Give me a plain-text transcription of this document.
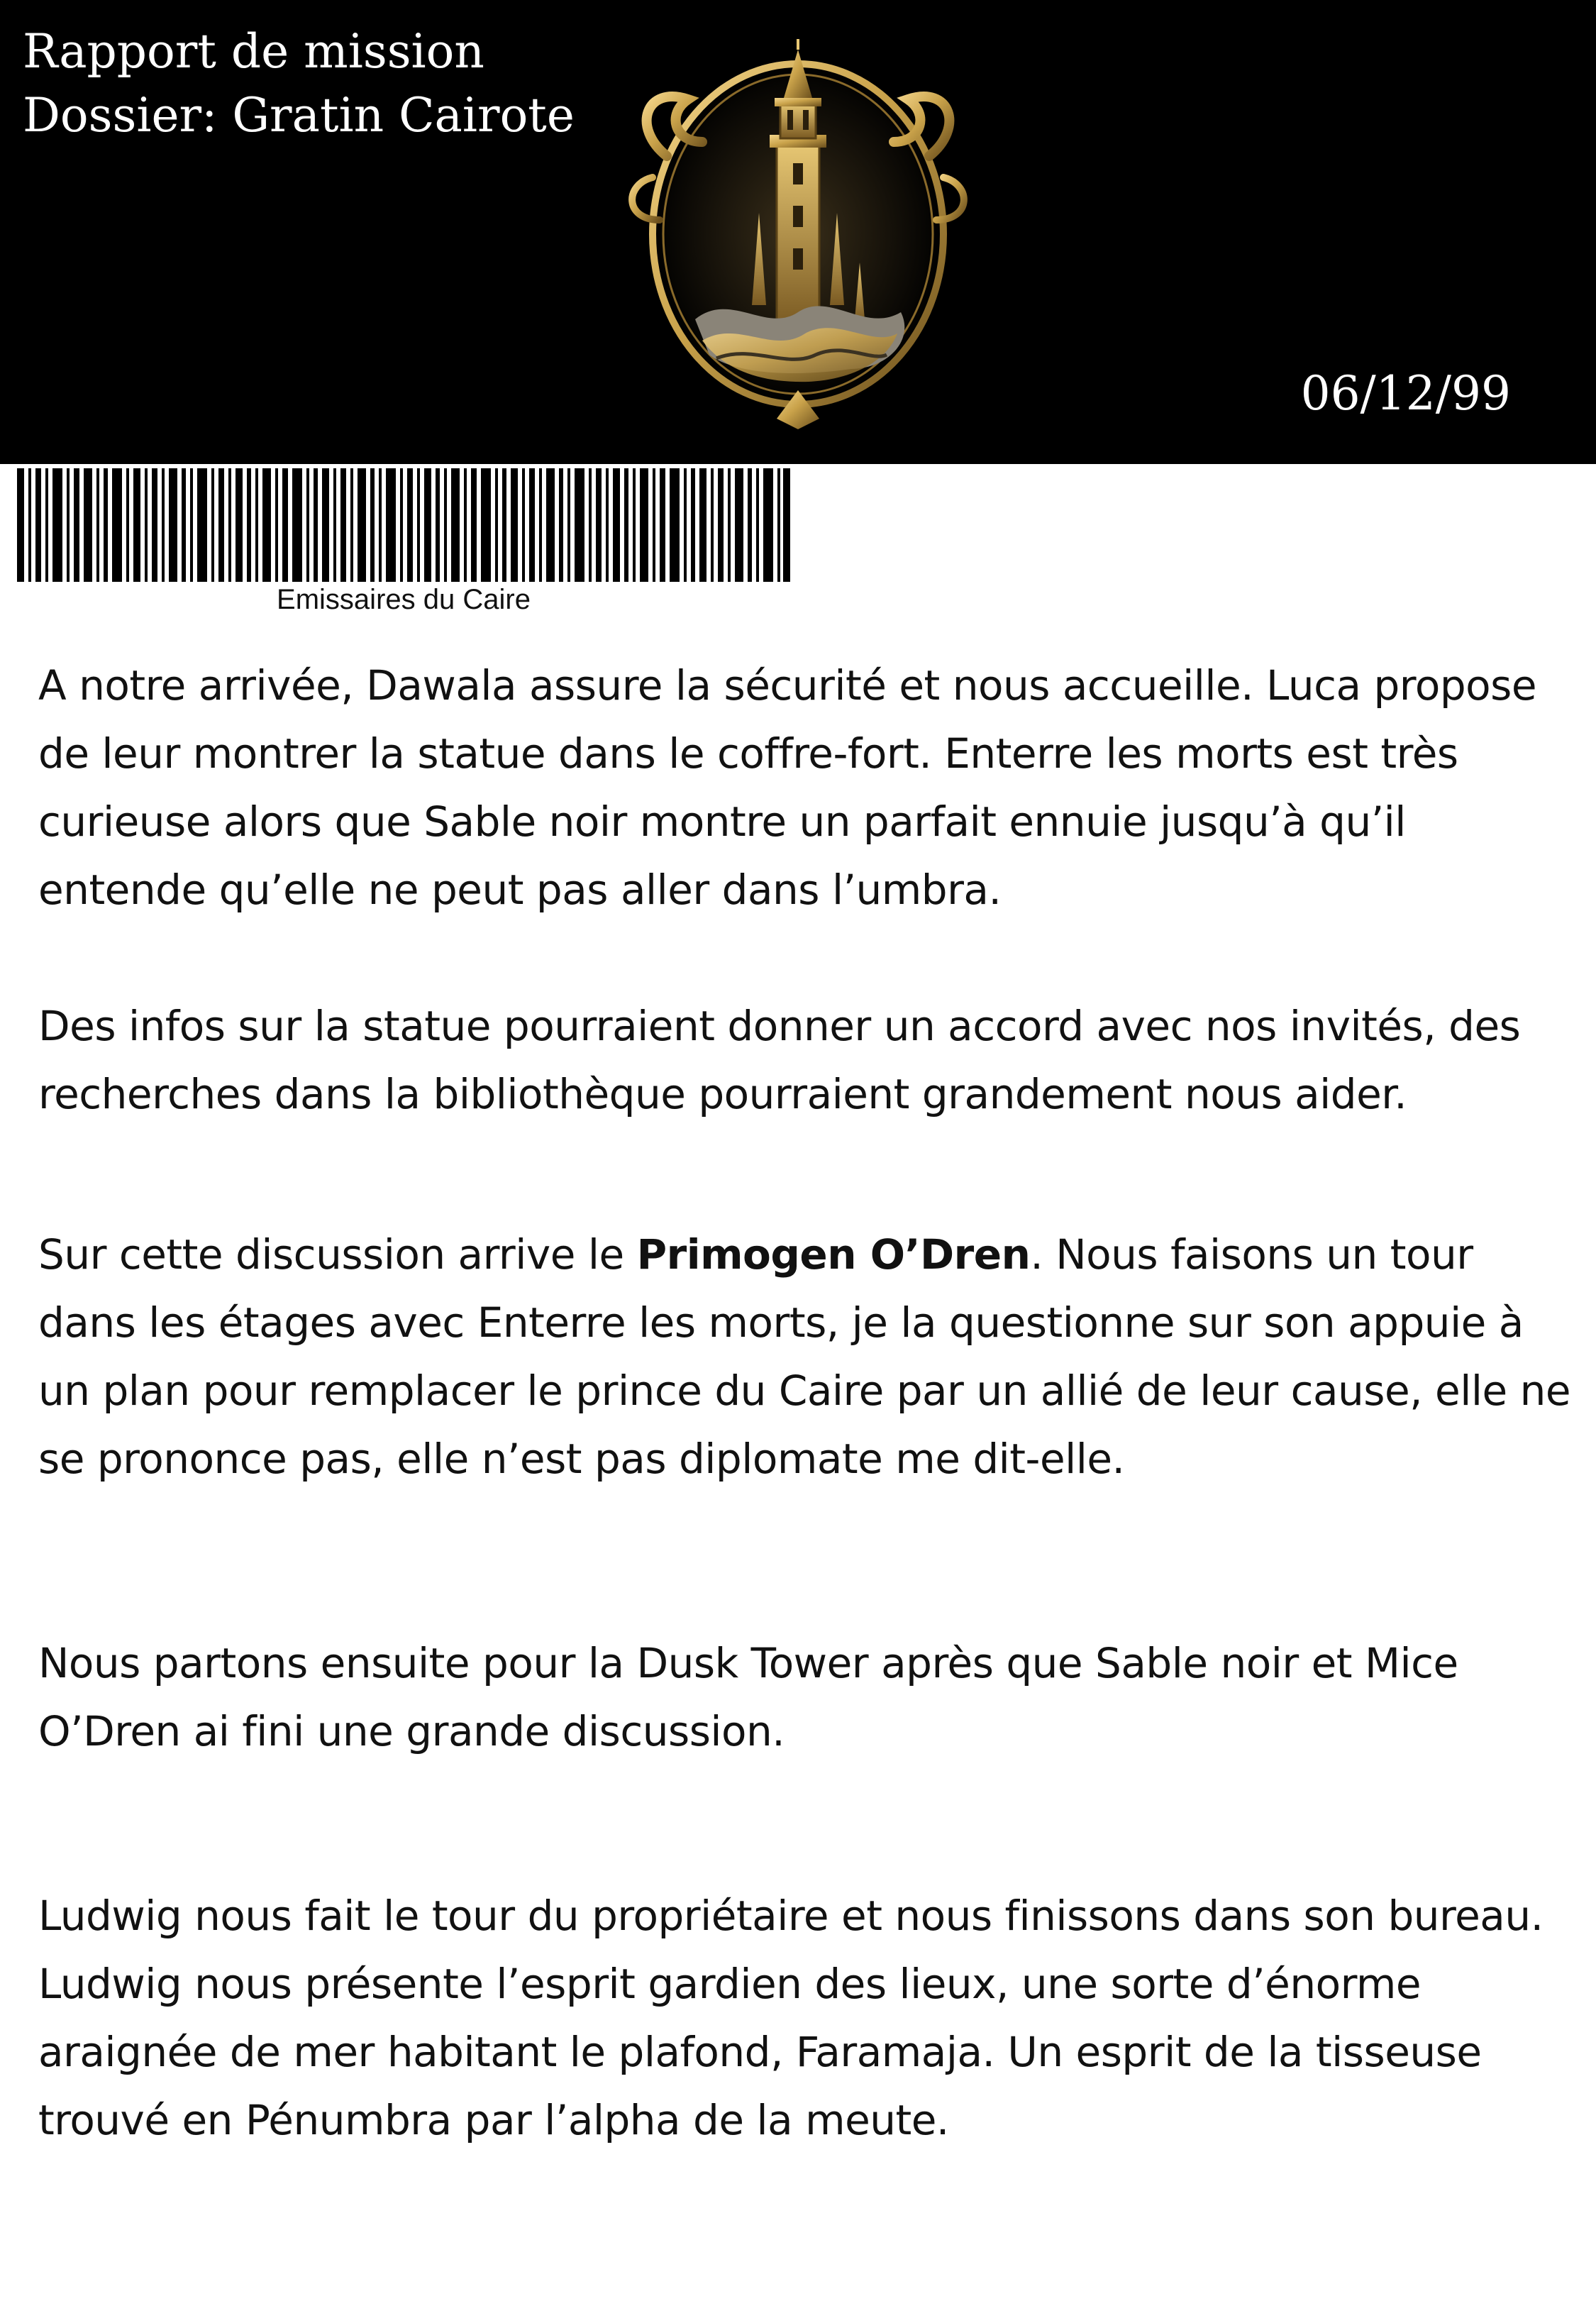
Rapport de mission
Dossier: Gratin Cairote
06/12/99
Emissaires du Caire

A notre arrivée, Dawala assure la sécurité et nous accueille. Luca propose de leur montrer la statue dans le coffre-fort. Enterre les morts est très curieuse alors que Sable noir montre un parfait ennuie jusqu’à qu’il entende qu’elle ne peut pas aller dans l’umbra.

Des infos sur la statue pourraient donner un accord avec nos invités, des recherches dans la bibliothèque pourraient grandement nous aider.

Sur cette discussion arrive le Primogen O’Dren. Nous faisons un tour dans les étages avec Enterre les morts, je la questionne sur son appuie à un plan pour remplacer le prince du Caire par un allié de leur cause, elle ne se prononce pas, elle n’est pas diplomate me dit-elle.

Nous partons ensuite pour la Dusk Tower après que Sable noir et Mice O’Dren ai fini une grande discussion.

Ludwig nous fait le tour du propriétaire et nous finissons dans son bureau. Ludwig nous présente l’esprit gardien des lieux, une sorte d’énorme araignée de mer habitant le plafond, Faramaja. Un esprit de la tisseuse trouvé en Pénumbra par l’alpha de la meute.
